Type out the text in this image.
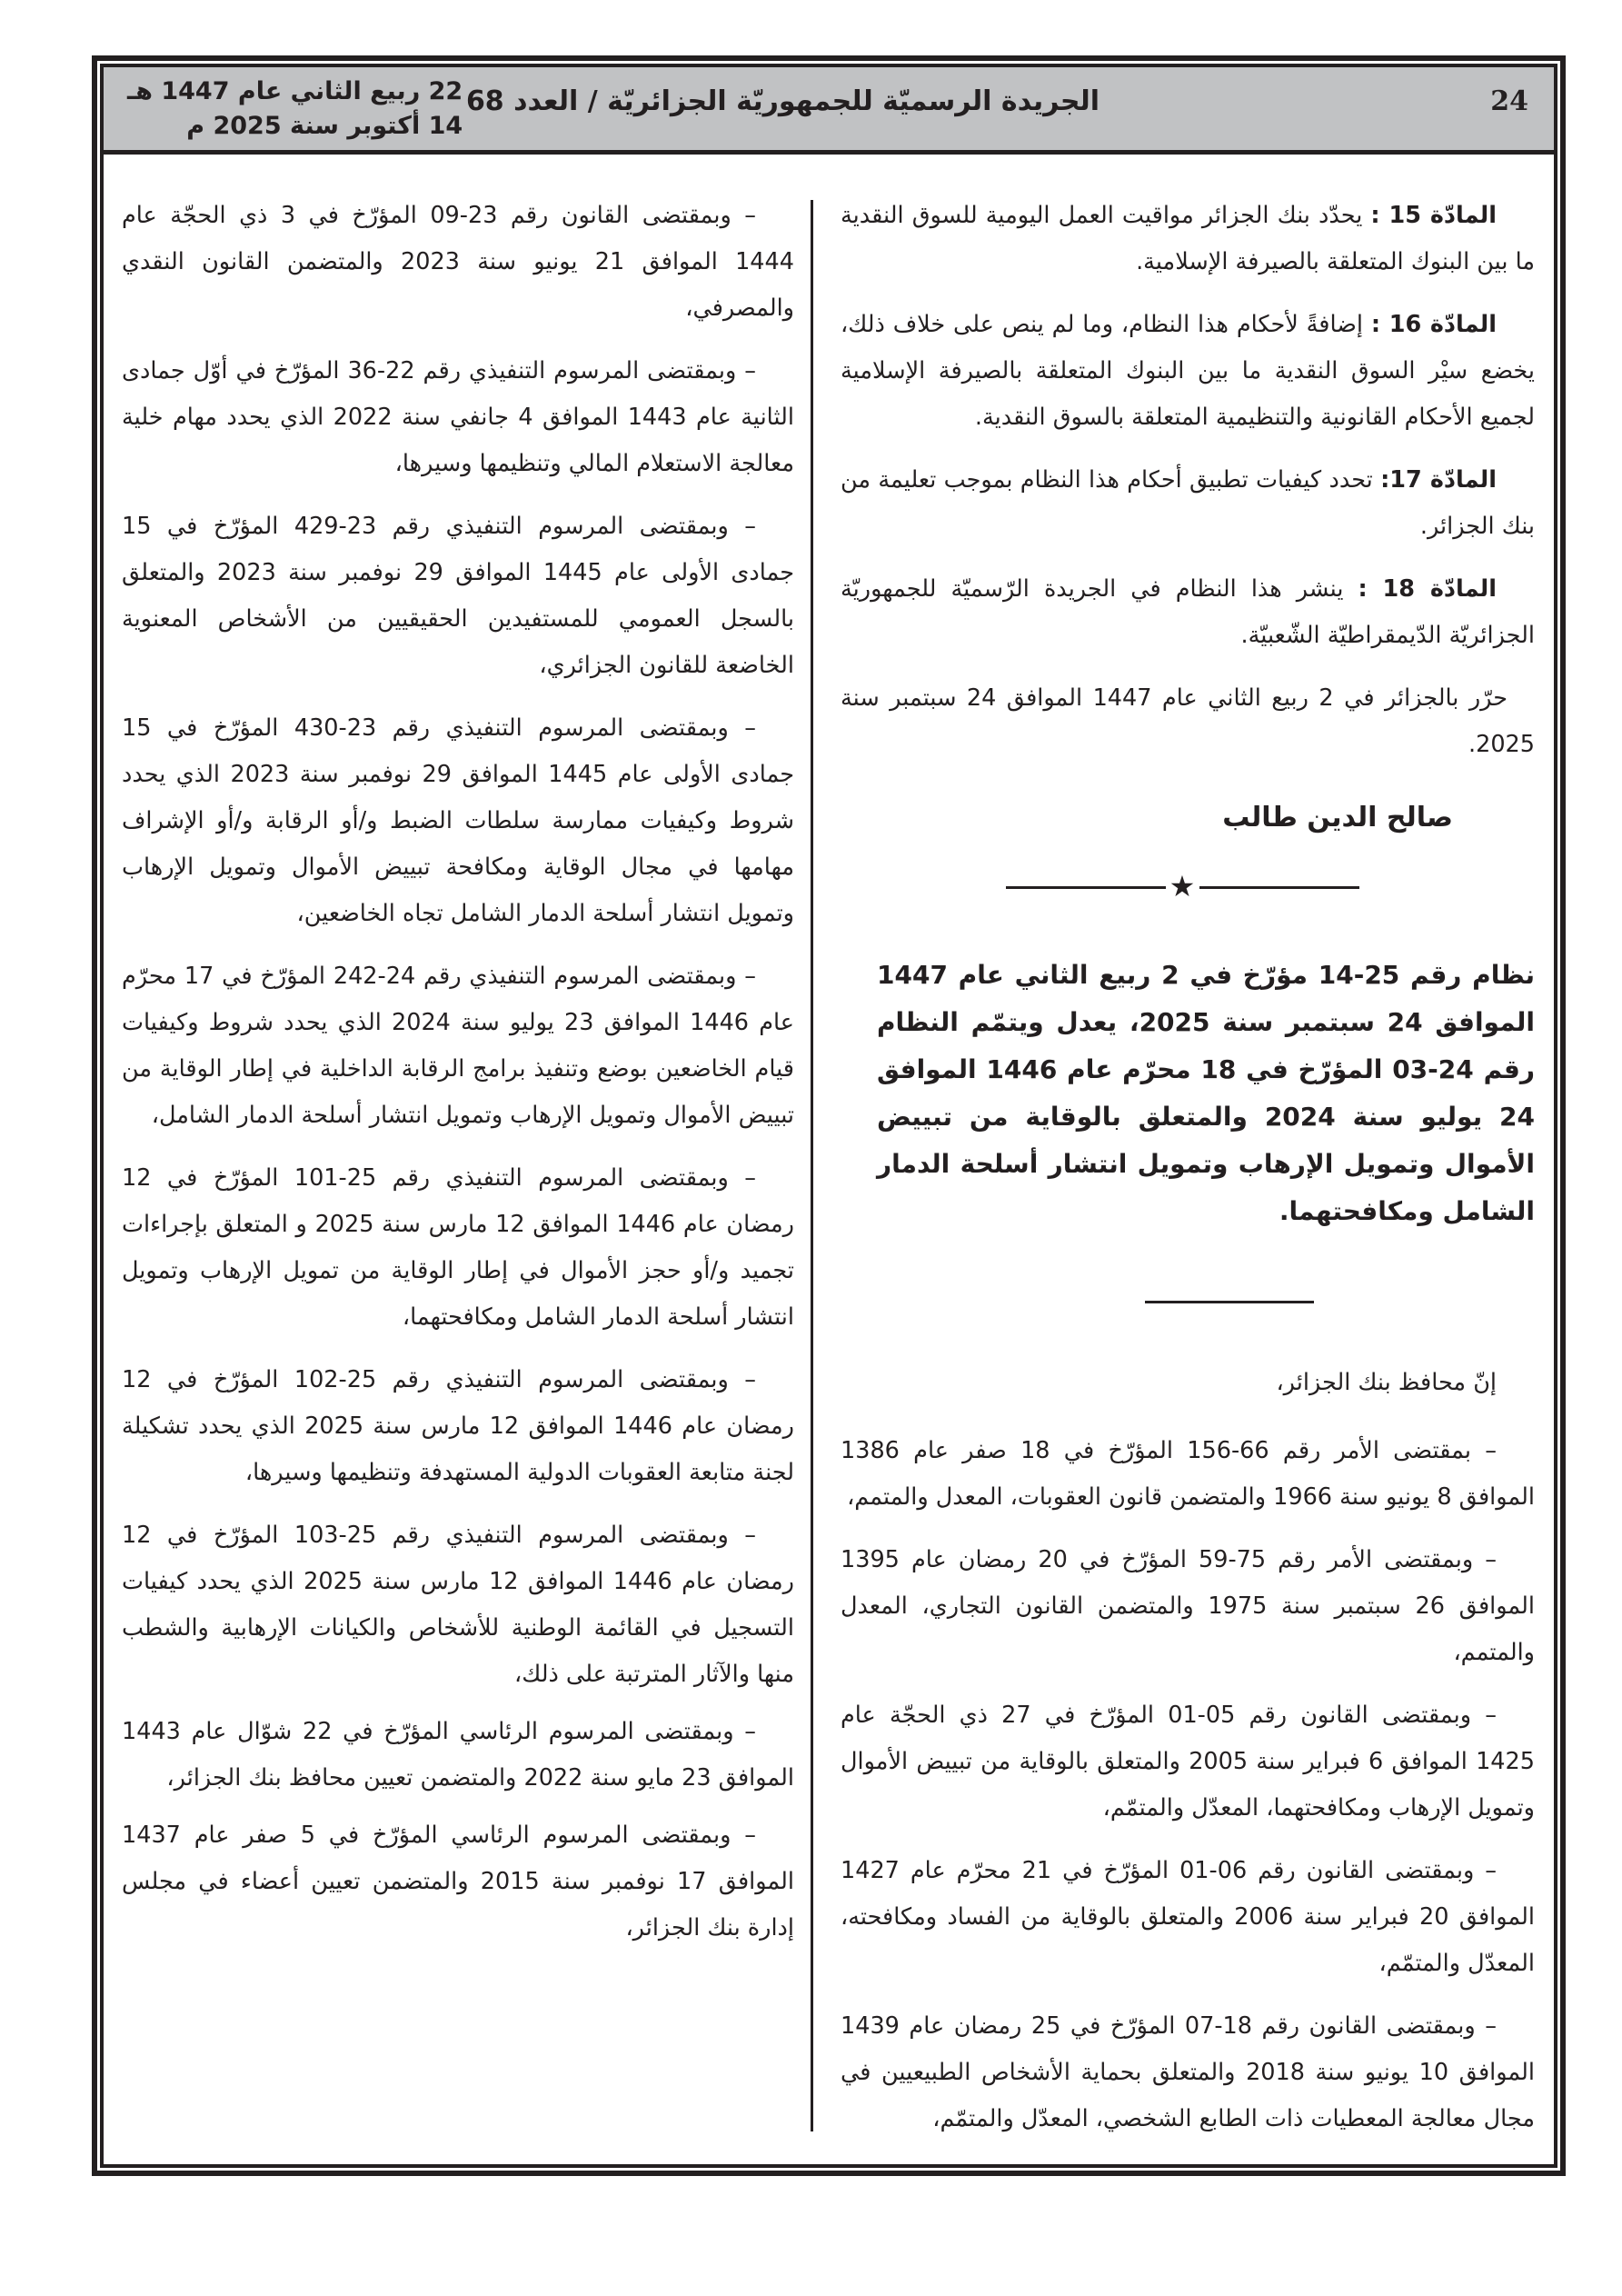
24
الجريدة الرسميّة للجمهوريّة الجزائريّة / العدد 68
22 ربيع الثاني عام 1447 هـ
14 أكتوبر سنة 2025 م

المادّة 15 : يحدّد بنك الجزائر مواقيت العمل اليومية للسوق النقدية ما بين البنوك المتعلقة بالصيرفة الإسلامية.

المادّة 16 : إضافةً لأحكام هذا النظام، وما لم ينص على خلاف ذلك، يخضع سيْر السوق النقدية ما بين البنوك المتعلقة بالصيرفة الإسلامية لجميع الأحكام القانونية والتنظيمية المتعلقة بالسوق النقدية.

المادّة 17: تحدد كيفيات تطبيق أحكام هذا النظام بموجب تعليمة من بنك الجزائر.

المادّة 18 : ينشر هذا النظام في الجريدة الرّسميّة للجمهوريّة الجزائريّة الدّيمقراطيّة الشّعبيّة.

حرّر بالجزائر في 2 ربيع الثاني عام 1447 الموافق 24 سبتمبر سنة 2025.

صالح الدين طالب

★

نظام رقم 25-14 مؤرّخ في 2 ربيع الثاني عام 1447 الموافق 24 سبتمبر سنة 2025، يعدل ويتمّم النظام رقم 24-03 المؤرّخ في 18 محرّم عام 1446 الموافق 24 يوليو سنة 2024 والمتعلق بالوقاية من تبييض الأموال وتمويل الإرهاب وتمويل انتشار أسلحة الدمار الشامل ومكافحتهما.

إنّ محافظ بنك الجزائر،

– بمقتضى الأمر رقم 66-156 المؤرّخ في 18 صفر عام 1386 الموافق 8 يونيو سنة 1966 والمتضمن قانون العقوبات، المعدل والمتمم،

– وبمقتضى الأمر رقم 75-59 المؤرّخ في 20 رمضان عام 1395 الموافق 26 سبتمبر سنة 1975 والمتضمن القانون التجاري، المعدل والمتمم،

– وبمقتضى القانون رقم 05-01 المؤرّخ في 27 ذي الحجّة عام 1425 الموافق 6 فبراير سنة 2005 والمتعلق بالوقاية من تبييض الأموال وتمويل الإرهاب ومكافحتهما، المعدّل والمتمّم،

– وبمقتضى القانون رقم 06-01 المؤرّخ في 21 محرّم عام 1427 الموافق 20 فبراير سنة 2006 والمتعلق بالوقاية من الفساد ومكافحته، المعدّل والمتمّم،

– وبمقتضى القانون رقم 18-07 المؤرّخ في 25 رمضان عام 1439 الموافق 10 يونيو سنة 2018 والمتعلق بحماية الأشخاص الطبيعيين في مجال معالجة المعطيات ذات الطابع الشخصي، المعدّل والمتمّم،

– وبمقتضى القانون رقم 23-09 المؤرّخ في 3 ذي الحجّة عام 1444 الموافق 21 يونيو سنة 2023 والمتضمن القانون النقدي والمصرفي،

– وبمقتضى المرسوم التنفيذي رقم 22-36 المؤرّخ في أوّل جمادى الثانية عام 1443 الموافق 4 جانفي سنة 2022 الذي يحدد مهام خلية معالجة الاستعلام المالي وتنظيمها وسيرها،

– وبمقتضى المرسوم التنفيذي رقم 23-429 المؤرّخ في 15 جمادى الأولى عام 1445 الموافق 29 نوفمبر سنة 2023 والمتعلق بالسجل العمومي للمستفيدين الحقيقيين من الأشخاص المعنوية الخاضعة للقانون الجزائري،

– وبمقتضى المرسوم التنفيذي رقم 23-430 المؤرّخ في 15 جمادى الأولى عام 1445 الموافق 29 نوفمبر سنة 2023 الذي يحدد شروط وكيفيات ممارسة سلطات الضبط و/أو الرقابة و/أو الإشراف مهامها في مجال الوقاية ومكافحة تبييض الأموال وتمويل الإرهاب وتمويل انتشار أسلحة الدمار الشامل تجاه الخاضعين،

– وبمقتضى المرسوم التنفيذي رقم 24-242 المؤرّخ في 17 محرّم عام 1446 الموافق 23 يوليو سنة 2024 الذي يحدد شروط وكيفيات قيام الخاضعين بوضع وتنفيذ برامج الرقابة الداخلية في إطار الوقاية من تبييض الأموال وتمويل الإرهاب وتمويل انتشار أسلحة الدمار الشامل،

– وبمقتضى المرسوم التنفيذي رقم 25-101 المؤرّخ في 12 رمضان عام 1446 الموافق 12 مارس سنة 2025 و المتعلق بإجراءات تجميد و/أو حجز الأموال في إطار الوقاية من تمويل الإرهاب وتمويل انتشار أسلحة الدمار الشامل ومكافحتهما،

– وبمقتضى المرسوم التنفيذي رقم 25-102 المؤرّخ في 12 رمضان عام 1446 الموافق 12 مارس سنة 2025 الذي يحدد تشكيلة لجنة متابعة العقوبات الدولية المستهدفة وتنظيمها وسيرها،

– وبمقتضى المرسوم التنفيذي رقم 25-103 المؤرّخ في 12 رمضان عام 1446 الموافق 12 مارس سنة 2025 الذي يحدد كيفيات التسجيل في القائمة الوطنية للأشخاص والكيانات الإرهابية والشطب منها والآثار المترتبة على ذلك،

– وبمقتضى المرسوم الرئاسي المؤرّخ في 22 شوّال عام 1443 الموافق 23 مايو سنة 2022 والمتضمن تعيين محافظ بنك الجزائر،

– وبمقتضى المرسوم الرئاسي المؤرّخ في 5 صفر عام 1437 الموافق 17 نوفمبر سنة 2015 والمتضمن تعيين أعضاء في مجلس إدارة بنك الجزائر،
